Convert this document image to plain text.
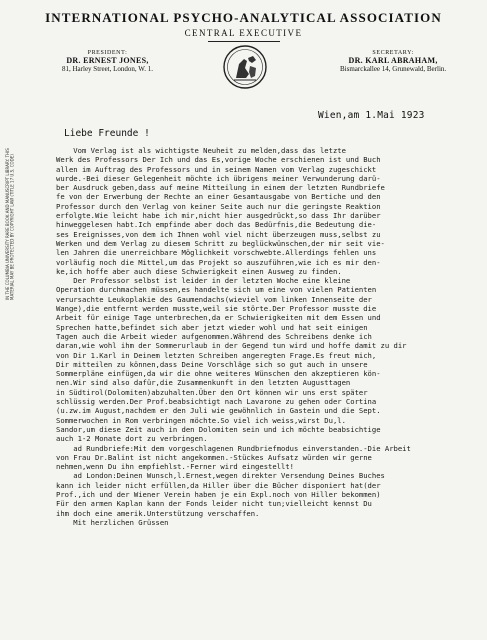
INTERNATIONAL PSYCHO-ANALYTICAL ASSOCIATION
CENTRAL EXECUTIVE
PRESIDENT:
DR. ERNEST JONES,
81, Harley Street, London, W. 1.
SECRETARY:
DR. KARL ABRAHAM,
Bismarckallee 14, Grunewald, Berlin.
IN THE COLUMBIA UNIVERSITY RARE BOOK AND MANUSCRIPT LIBRARY. THIS MATERIAL MAY BE PROTECTED BY COPYRIGHT LAW (TITLE 17 U.S. CODE)
Wien,am 1.Mai 1923
Liebe Freunde !
Vom Verlag ist als wichtigste Neuheit zu melden,dass das letzte
Werk des Professors Der Ich und das Es,vorige Woche erschienen ist und Buch
allen im Auftrag des Professors und in seinem Namen vom Verlag zugeschickt
wurde.-Bei dieser Gelegenheit möchte ich übrigens meiner Verwunderung darü-
ber Ausdruck geben,dass auf meine Mitteilung in einem der letzten Rundbriefe
fe von der Erwerbung der Rechte an einer Gesamtausgabe von Bertiche und den
Professor durch den Verlag von keiner Seite auch nur die geringste Reaktion
erfolgte.Wie leicht habe ich mir,nicht hier ausgedrückt,so dass Ihr darüber
hinweggelesen habt.Ich empfinde aber doch das Bedürfnis,die Bedeutung die-
ses Ereignisses,von dem ich Ihnen wohl viel nicht überzeugen muss,selbst zu
Werken und dem Verlag zu diesem Schritt zu beglückwünschen,der mir seit vie-
len Jahren die unerreichbare Möglichkeit vorschwebte.Allerdings fehlen uns
vorläufig noch die Mittel,um das Projekt so auszuführen,wie ich es mir den-
ke,ich hoffe aber auch diese Schwierigkeit einen Ausweg zu finden.
Der Professor selbst ist leider in der letzten Woche eine kleine
Operation durchmachen müssen,es handelte sich um eine von vielen Patienten
verursachte Leukoplakie des Gaumendachs(wieviel vom linken Innenseite der
Wange),die entfernt werden musste,weil sie störte.Der Professor musste die
Arbeit für einige Tage unterbrechen,da er Schwierigkeiten mit dem Essen und
Sprechen hatte,befindet sich aber jetzt wieder wohl und hat seit einigen
Tagen auch die Arbeit wieder aufgenommen.Während des Schreibens denke ich
daran,wie wohl ihm der Sommerurlaub in der Gegend tun wird und hoffe damit zu dir
von Dir 1.Karl in Deinem letzten Schreiben angeregten Frage.Es freut mich,
Dir mitteilen zu können,dass Deine Vorschläge sich so gut auch in unsere
Sommerpläne einfügen,da wir die ohne weiteres Wünschen den akzeptieren kön-
nen.Wir sind also dafür,die Zusammenkunft in den letzten Augusttagen
in Südtirol(Dolomiten)abzuhalten.Über den Ort können wir uns erst später
schlüssig werden.Der Prof.beabsichtigt nach Lavarone zu gehen oder Cortina
(u.zw.im August,nachdem er den Juli wie gewöhnlich in Gastein und die Sept.
Sommerwochen in Rom verbringen möchte.So viel ich weiss,wirst Du,l.
Sandor,um diese Zeit auch in den Dolomiten sein und ich möchte beabsichtige
auch 1-2 Monate dort zu verbringen.
ad Rundbriefe:Mit dem vorgeschlagenen Rundbriefmodus einverstanden.-Die Arbeit
von Frau Dr.Balint ist nicht angekommen.-Stückes Aufsatz würden wir gerne
nehmen,wenn Du ihn empfiehlst.-Ferner wird eingestellt!
ad London:Deinen Wunsch,l.Ernest,wegen direkter Versendung Deines Buches
kann ich leider nicht erfüllen,da Hiller über die Bücher disponiert hat(der
Prof.,ich und der Wiener Verein haben je ein Expl.noch von Hiller bekommen)
Für den armen Kaplan kann der Fonds leider nicht tun;vielleicht kennst Du
ihm doch eine amerik.Unterstützung verschaffen.
Mit herzlichen Grüssen
